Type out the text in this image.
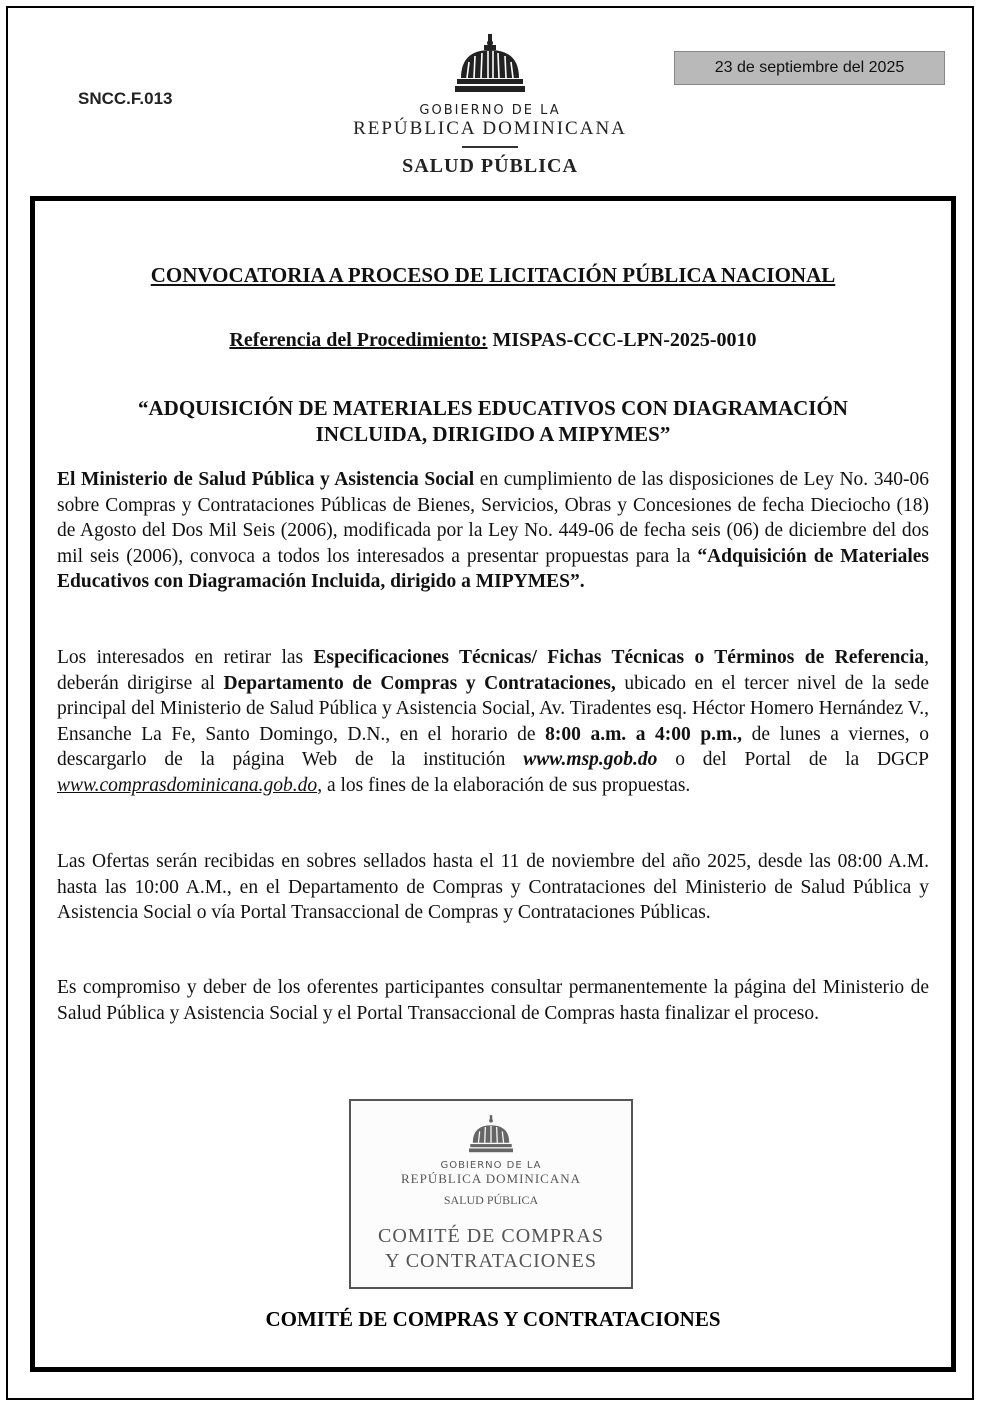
SNCC.F.013
23 de septiembre del 2025
GOBIERNO DE LA
REPÚBLICA DOMINICANA
SALUD PÚBLICA
CONVOCATORIA A PROCESO DE LICITACIÓN PÚBLICA NACIONAL
Referencia del Procedimiento: MISPAS-CCC-LPN-2025-0010
“ADQUISICIÓN DE MATERIALES EDUCATIVOS CON DIAGRAMACIÓN INCLUIDA, DIRIGIDO A MIPYMES”
El Ministerio de Salud Pública y Asistencia Social en cumplimiento de las disposiciones de Ley No. 340-06 sobre Compras y Contrataciones Públicas de Bienes, Servicios, Obras y Concesiones de fecha Dieciocho (18) de Agosto del Dos Mil Seis (2006), modificada por la Ley No. 449-06 de fecha seis (06) de diciembre del dos mil seis (2006), convoca a todos los interesados a presentar propuestas para la “Adquisición de Materiales Educativos con Diagramación Incluida, dirigido a MIPYMES”.
Los interesados en retirar las Especificaciones Técnicas/ Fichas Técnicas o Términos de Referencia, deberán dirigirse al Departamento de Compras y Contrataciones, ubicado en el tercer nivel de la sede principal del Ministerio de Salud Pública y Asistencia Social, Av. Tiradentes esq. Héctor Homero Hernández V., Ensanche La Fe, Santo Domingo, D.N., en el horario de 8:00 a.m. a 4:00 p.m., de lunes a viernes, o descargarlo de la página Web de la institución www.msp.gob.do o del Portal de la DGCP www.comprasdominicana.gob.do, a los fines de la elaboración de sus propuestas.
Las Ofertas serán recibidas en sobres sellados hasta el 11 de noviembre del año 2025, desde las 08:00 A.M. hasta las 10:00 A.M., en el Departamento de Compras y Contrataciones del Ministerio de Salud Pública y Asistencia Social o vía Portal Transaccional de Compras y Contrataciones Públicas.
Es compromiso y deber de los oferentes participantes consultar permanentemente la página del Ministerio de Salud Pública y Asistencia Social y el Portal Transaccional de Compras hasta finalizar el proceso.
GOBIERNO DE LA
REPÚBLICA DOMINICANA
SALUD PÚBLICA
COMITÉ DE COMPRAS
Y CONTRATACIONES
COMITÉ DE COMPRAS Y CONTRATACIONES
